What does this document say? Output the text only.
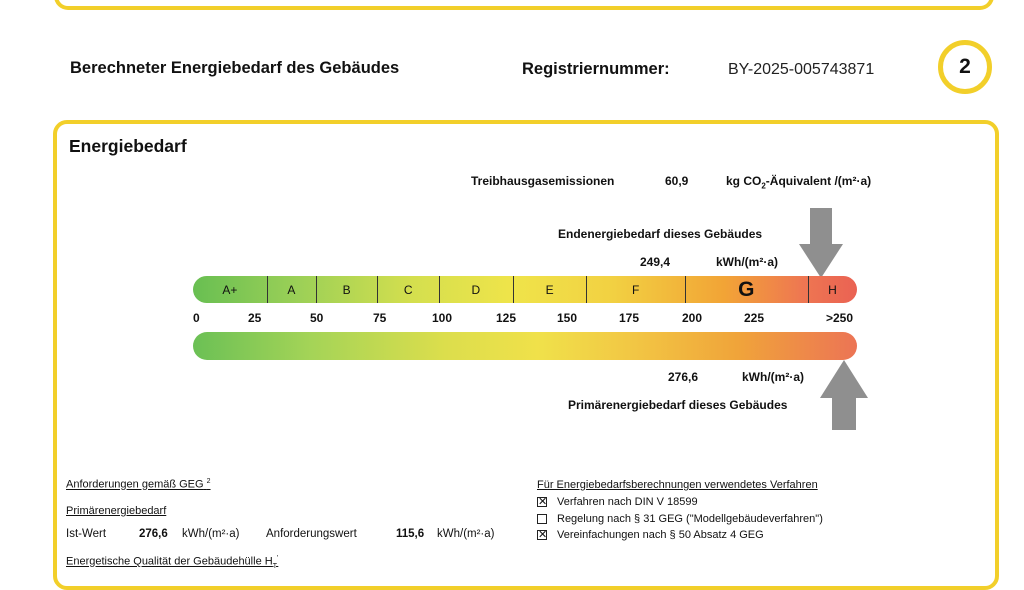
Berechneter Energiebedarf des Gebäudes	Registriernummer:	BY-2025-005743871	2
Energiebedarf
Treibhausgasemissionen	60,9	kg $CO_2$-Äquivalent /(m²·a)
Endenergiebedarf dieses Gebäudes
249,4	kWh/(m²·a)
A+	A	B	C	D	E	F	G	H
0	25	50	75	100	125	150	175	200	225	>250
276,6	kWh/(m²·a)
Primärenergiebedarf dieses Gebäudes
Anforderungen gemäß GEG $^2$
Primärenergiebedarf
Ist-Wert	276,6 kWh/(m²·a) Anforderungswert	115,6 kWh/(m²·a)
Energetische Qualität der Gebäudehülle $H_T'$
Für Energiebedarfsberechnungen verwendetes Verfahren
✕ Verfahren nach DIN V 18599
Regelung nach § 31 GEG ("Modellgebäudeverfahren")
✕ Vereinfachungen nach § 50 Absatz 4 GEG
